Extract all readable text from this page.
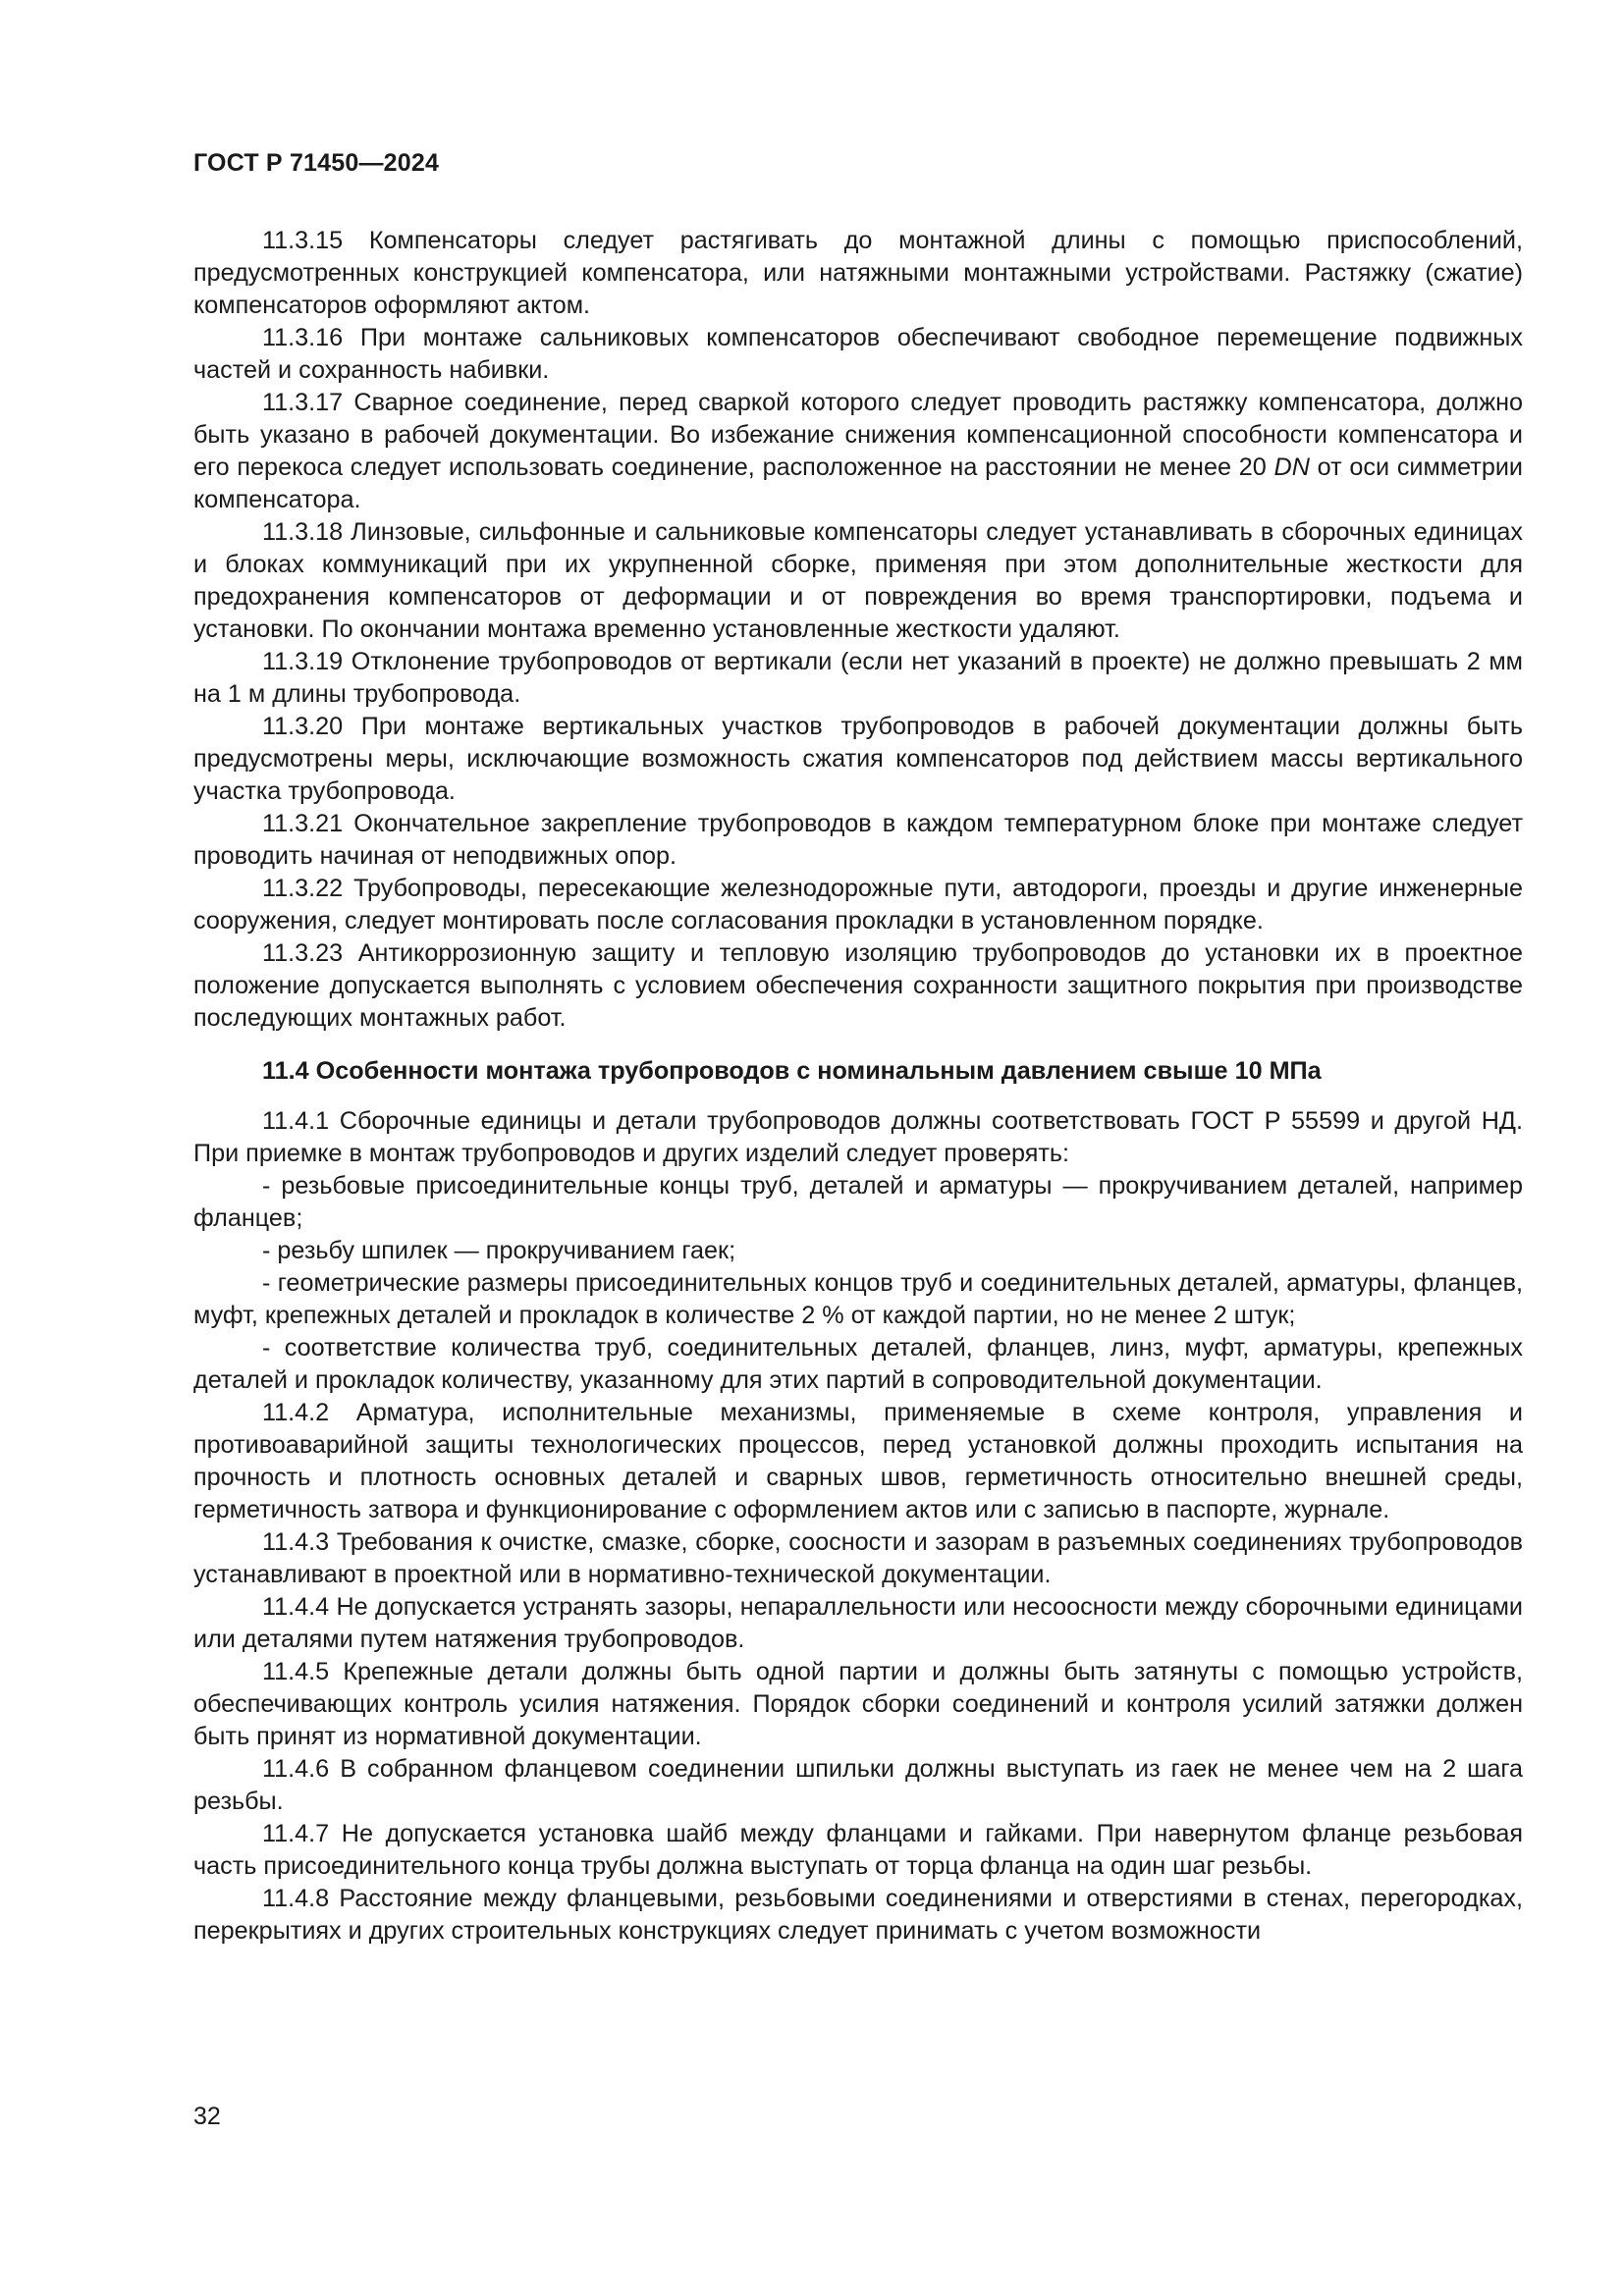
ГОСТ Р 71450—2024

11.3.15 Компенсаторы следует растягивать до монтажной длины с помощью приспособлений, предусмотренных конструкцией компенсатора, или натяжными монтажными устройствами. Растяжку (сжатие) компенсаторов оформляют актом.

11.3.16 При монтаже сальниковых компенсаторов обеспечивают свободное перемещение подвижных частей и сохранность набивки.

11.3.17 Сварное соединение, перед сваркой которого следует проводить растяжку компенсатора, должно быть указано в рабочей документации. Во избежание снижения компенсационной способности компенсатора и его перекоса следует использовать соединение, расположенное на расстоянии не менее 20 DN от оси симметрии компенсатора.

11.3.18 Линзовые, сильфонные и сальниковые компенсаторы следует устанавливать в сборочных единицах и блоках коммуникаций при их укрупненной сборке, применяя при этом дополнительные жесткости для предохранения компенсаторов от деформации и от повреждения во время транспортировки, подъема и установки. По окончании монтажа временно установленные жесткости удаляют.

11.3.19 Отклонение трубопроводов от вертикали (если нет указаний в проекте) не должно превышать 2 мм на 1 м длины трубопровода.

11.3.20 При монтаже вертикальных участков трубопроводов в рабочей документации должны быть предусмотрены меры, исключающие возможность сжатия компенсаторов под действием массы вертикального участка трубопровода.

11.3.21 Окончательное закрепление трубопроводов в каждом температурном блоке при монтаже следует проводить начиная от неподвижных опор.

11.3.22 Трубопроводы, пересекающие железнодорожные пути, автодороги, проезды и другие инженерные сооружения, следует монтировать после согласования прокладки в установленном порядке.

11.3.23 Антикоррозионную защиту и тепловую изоляцию трубопроводов до установки их в проектное положение допускается выполнять с условием обеспечения сохранности защитного покрытия при производстве последующих монтажных работ.

11.4 Особенности монтажа трубопроводов с номинальным давлением свыше 10 МПа

11.4.1 Сборочные единицы и детали трубопроводов должны соответствовать ГОСТ Р 55599 и другой НД. При приемке в монтаж трубопроводов и других изделий следует проверять:

- резьбовые присоединительные концы труб, деталей и арматуры — прокручиванием деталей, например фланцев;

- резьбу шпилек — прокручиванием гаек;

- геометрические размеры присоединительных концов труб и соединительных деталей, арматуры, фланцев, муфт, крепежных деталей и прокладок в количестве 2 % от каждой партии, но не менее 2 штук;

- соответствие количества труб, соединительных деталей, фланцев, линз, муфт, арматуры, крепежных деталей и прокладок количеству, указанному для этих партий в сопроводительной документации.

11.4.2 Арматура, исполнительные механизмы, применяемые в схеме контроля, управления и противоаварийной защиты технологических процессов, перед установкой должны проходить испытания на прочность и плотность основных деталей и сварных швов, герметичность относительно внешней среды, герметичность затвора и функционирование с оформлением актов или с записью в паспорте, журнале.

11.4.3 Требования к очистке, смазке, сборке, соосности и зазорам в разъемных соединениях трубопроводов устанавливают в проектной или в нормативно-технической документации.

11.4.4 Не допускается устранять зазоры, непараллельности или несоосности между сборочными единицами или деталями путем натяжения трубопроводов.

11.4.5 Крепежные детали должны быть одной партии и должны быть затянуты с помощью устройств, обеспечивающих контроль усилия натяжения. Порядок сборки соединений и контроля усилий затяжки должен быть принят из нормативной документации.

11.4.6 В собранном фланцевом соединении шпильки должны выступать из гаек не менее чем на 2 шага резьбы.

11.4.7 Не допускается установка шайб между фланцами и гайками. При навернутом фланце резьбовая часть присоединительного конца трубы должна выступать от торца фланца на один шаг резьбы.

11.4.8 Расстояние между фланцевыми, резьбовыми соединениями и отверстиями в стенах, перегородках, перекрытиях и других строительных конструкциях следует принимать с учетом возможности

32
